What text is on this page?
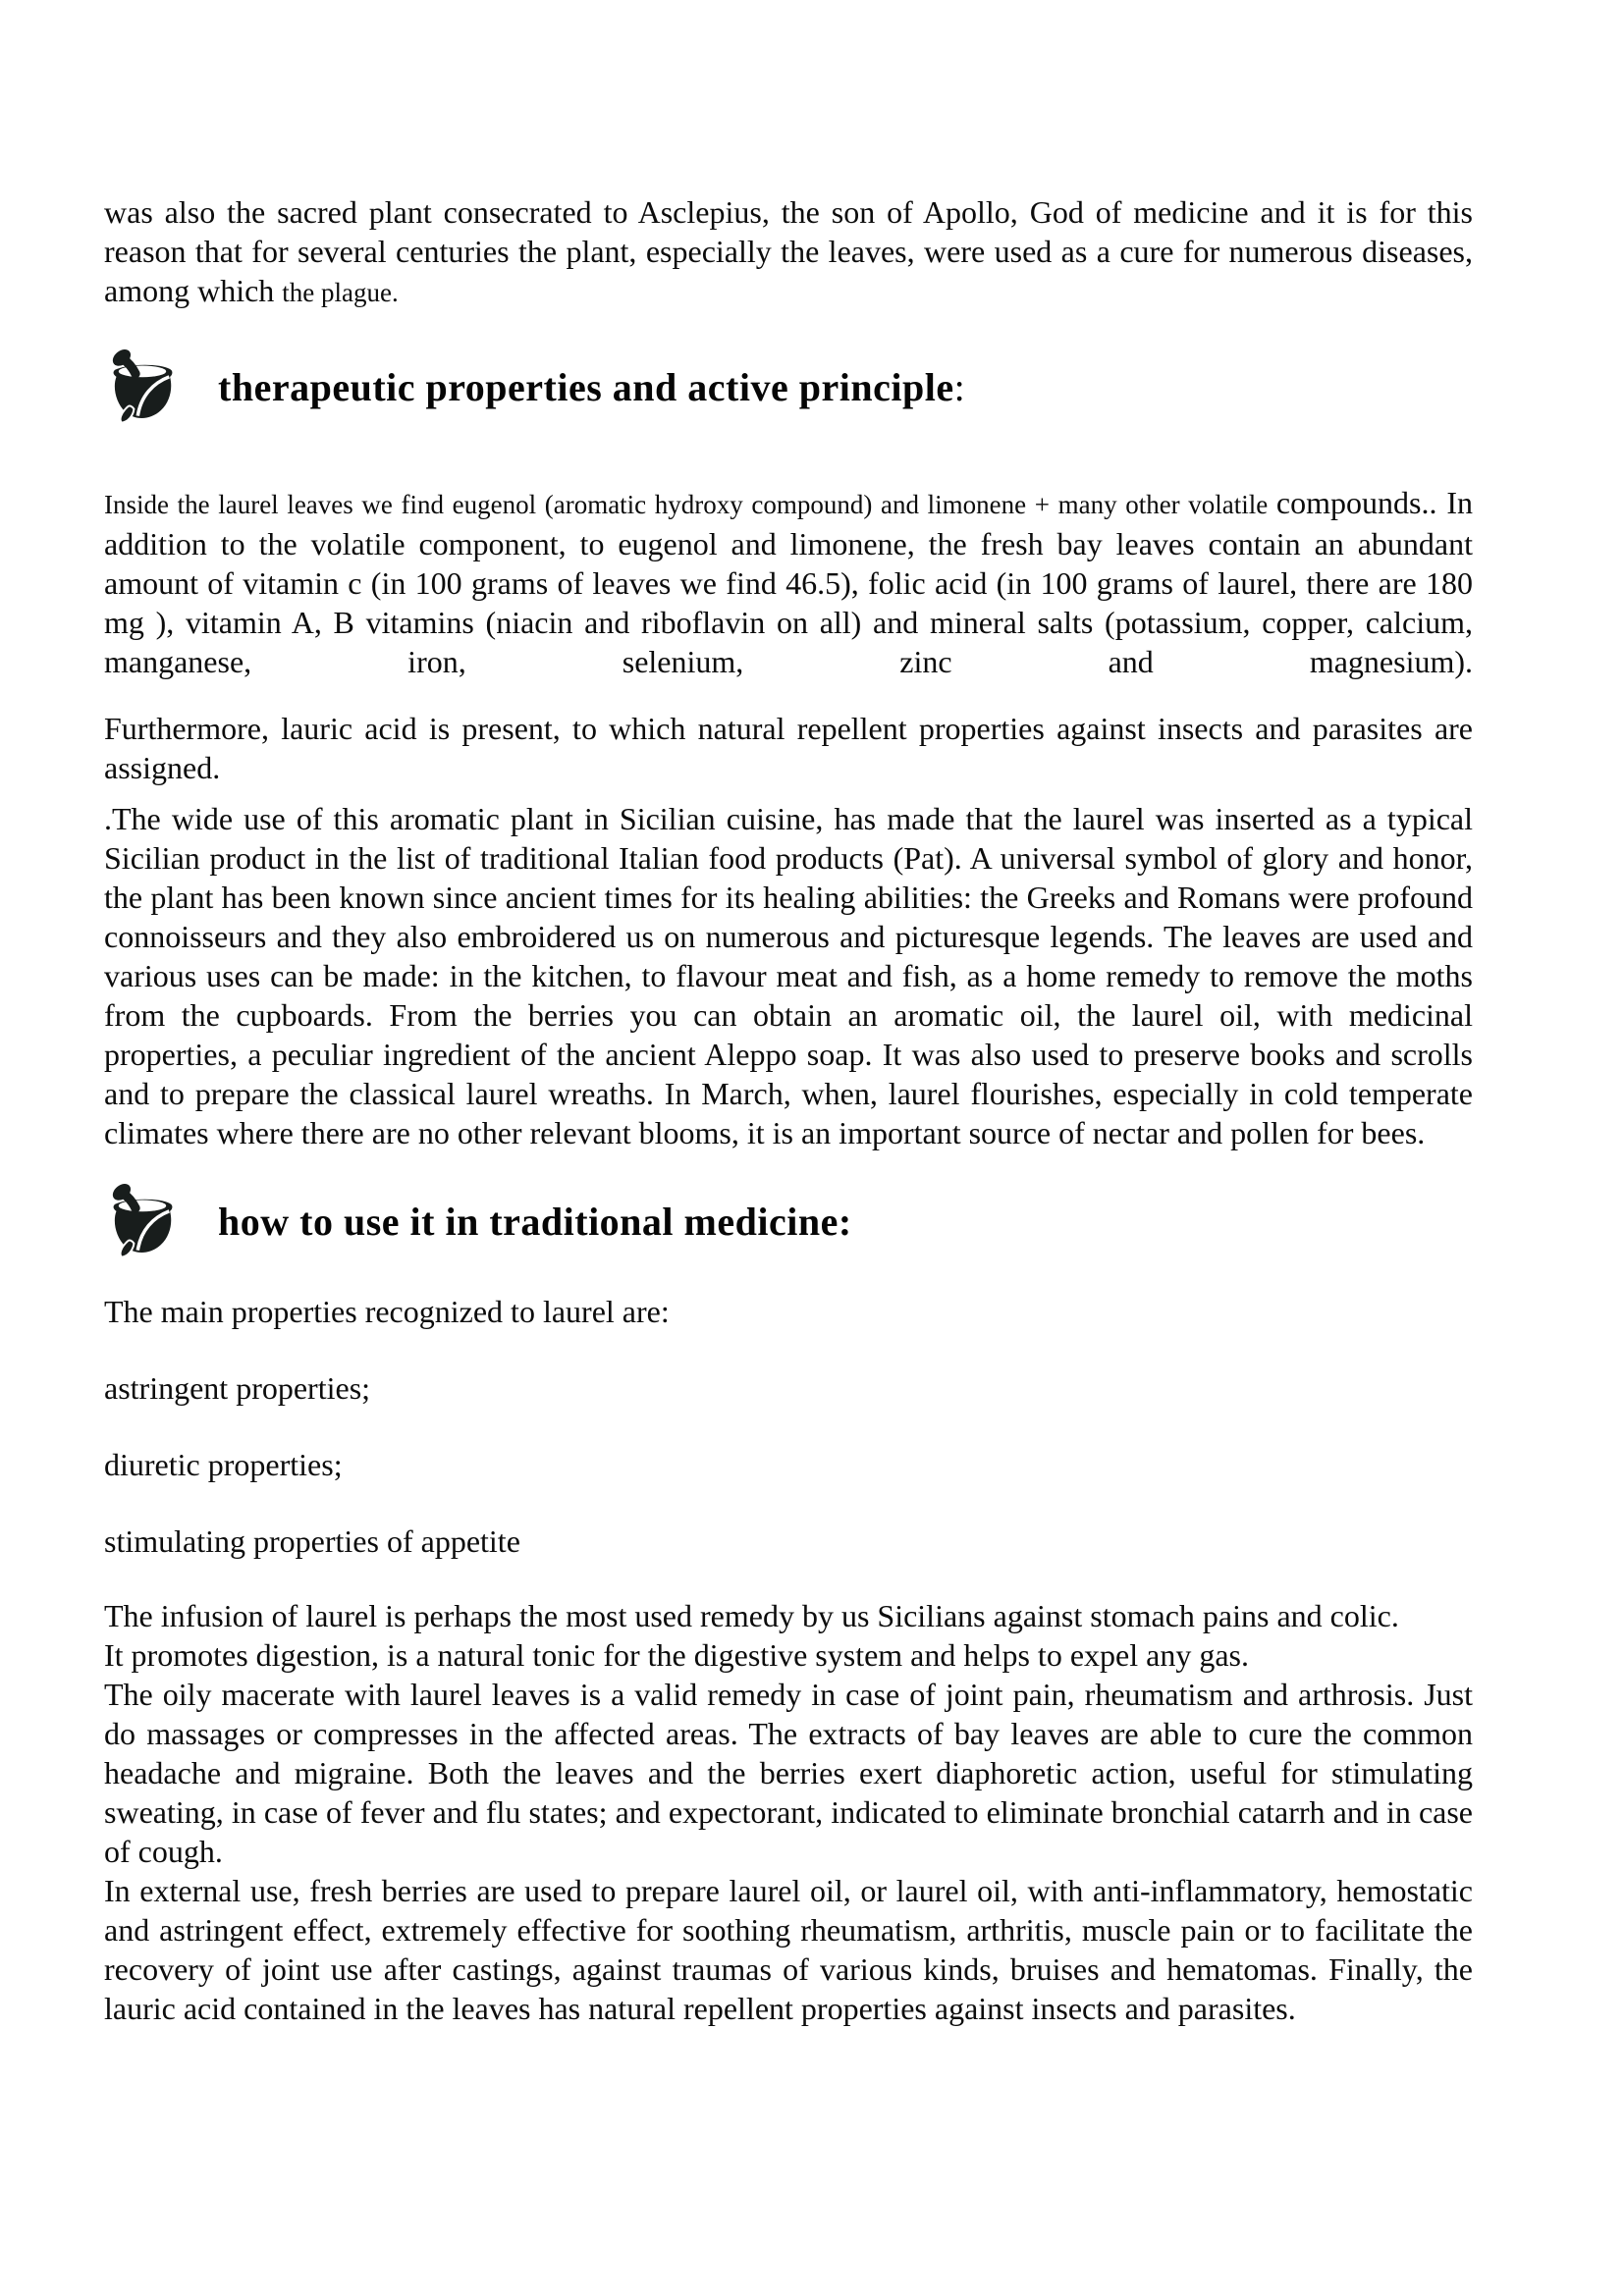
was also the sacred plant consecrated to Asclepius, the son of Apollo, God of medicine and it is for this reason that for several centuries the plant, especially the leaves, were used as a cure for numerous diseases, among which the plague.

therapeutic properties and active principle:

Inside the laurel leaves we find eugenol (aromatic hydroxy compound) and limonene + many other volatile compounds.. In addition to the volatile component, to eugenol and limonene, the fresh bay leaves contain an abundant amount of vitamin c (in 100 grams of leaves we find 46.5), folic acid (in 100 grams of laurel, there are 180 mg ), vitamin A, B vitamins (niacin and riboflavin on all) and mineral salts (potassium, copper, calcium, manganese, iron, selenium, zinc and magnesium).

Furthermore, lauric acid is present, to which natural repellent properties against insects and parasites are assigned.

.The wide use of this aromatic plant in Sicilian cuisine, has made that the laurel was inserted as a typical Sicilian product in the list of traditional Italian food products (Pat). A universal symbol of glory and honor, the plant has been known since ancient times for its healing abilities: the Greeks and Romans were profound connoisseurs and they also embroidered us on numerous and picturesque legends. The leaves are used and various uses can be made: in the kitchen, to flavour meat and fish, as a home remedy to remove the moths from the cupboards. From the berries you can obtain an aromatic oil, the laurel oil, with medicinal properties, a peculiar ingredient of the ancient Aleppo soap. It was also used to preserve books and scrolls and to prepare the classical laurel wreaths. In March, when, laurel flourishes, especially in cold temperate climates where there are no other relevant blooms, it is an important source of nectar and pollen for bees.

how to use it in traditional medicine:

The main properties recognized to laurel are:

astringent properties;

diuretic properties;

stimulating properties of appetite

The infusion of laurel is perhaps the most used remedy by us Sicilians against stomach pains and colic.

It promotes digestion, is a natural tonic for the digestive system and helps to expel any gas.

The oily macerate with laurel leaves is a valid remedy in case of joint pain, rheumatism and arthrosis. Just do massages or compresses in the affected areas. The extracts of bay leaves are able to cure the common headache and migraine. Both the leaves and the berries exert diaphoretic action, useful for stimulating sweating, in case of fever and flu states; and expectorant, indicated to eliminate bronchial catarrh and in case of cough.

In external use, fresh berries are used to prepare laurel oil, or laurel oil, with anti-inflammatory, hemostatic and astringent effect, extremely effective for soothing rheumatism, arthritis, muscle pain or to facilitate the recovery of joint use after castings, against traumas of various kinds, bruises and hematomas. Finally, the lauric acid contained in the leaves has natural repellent properties against insects and parasites.
